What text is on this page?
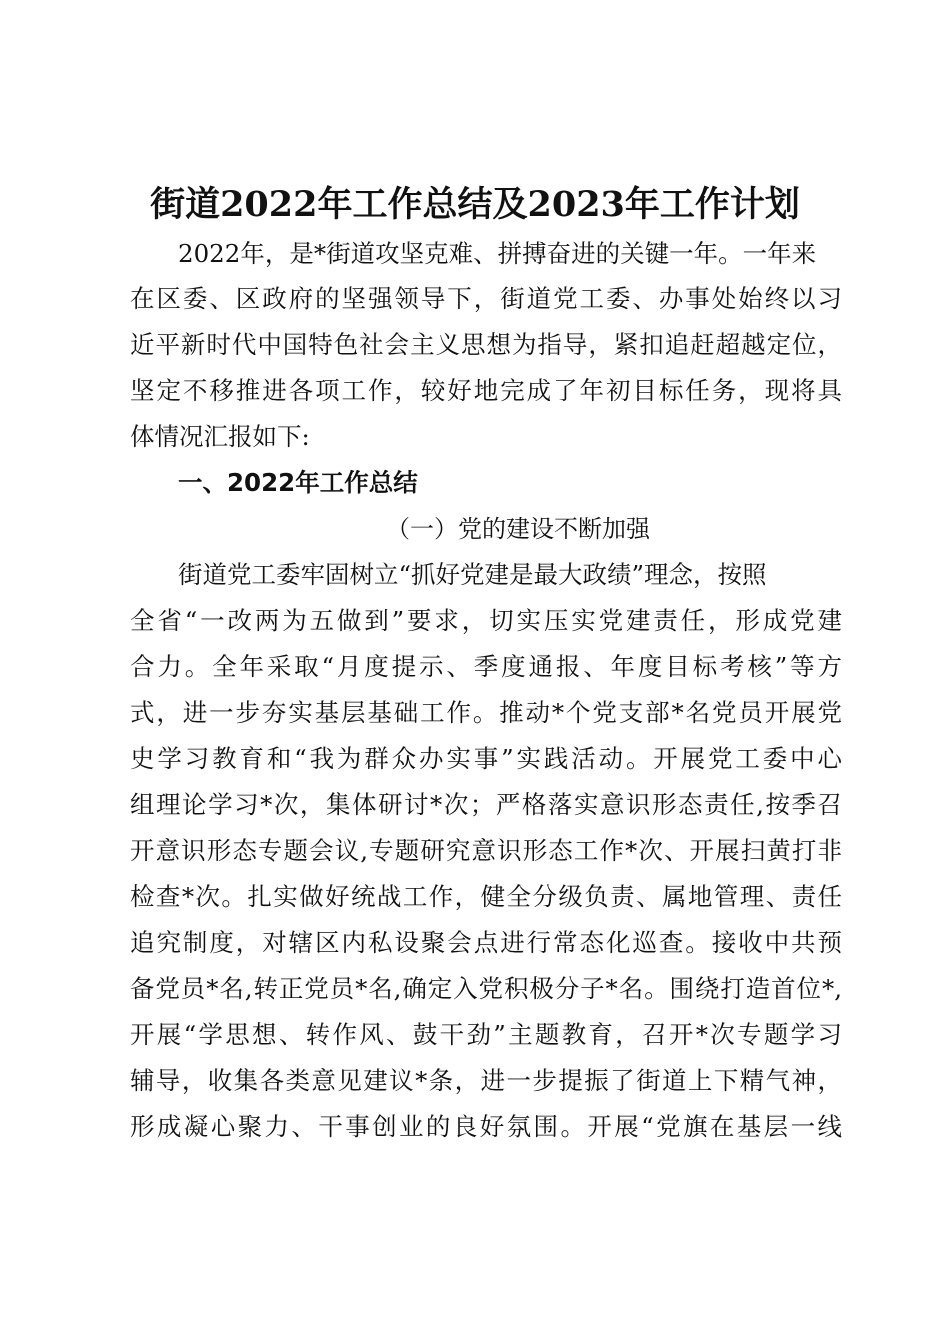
街道2022年工作总结及2023年工作计划
2022年，是*街道攻坚克难、拼搏奋进的关键一年。一年来
在区委、区政府的坚强领导下，街道党工委、办事处始终以习
近平新时代中国特色社会主义思想为指导，紧扣追赶超越定位，
坚定不移推进各项工作，较好地完成了年初目标任务，现将具
体情况汇报如下:
一、2022年工作总结
（一）党的建设不断加强
街道党工委牢固树立“抓好党建是最大政绩”理念，按照
全省“一改两为五做到”要求，切实压实党建责任，形成党建
合力。全年采取“月度提示、季度通报、年度目标考核”等方
式，进一步夯实基层基础工作。推动*个党支部*名党员开展党
史学习教育和“我为群众办实事”实践活动。开展党工委中心
组理论学习*次，集体研讨*次；严格落实意识形态责任,按季召
开意识形态专题会议,专题研究意识形态工作*次、开展扫黄打非
检查*次。扎实做好统战工作，健全分级负责、属地管理、责任
追究制度，对辖区内私设聚会点进行常态化巡查。接收中共预
备党员*名,转正党员*名,确定入党积极分子*名。围绕打造首位*,
开展“学思想、转作风、鼓干劲”主题教育，召开*次专题学习
辅导，收集各类意见建议*条，进一步提振了街道上下精气神，
形成凝心聚力、干事创业的良好氛围。开展“党旗在基层一线
